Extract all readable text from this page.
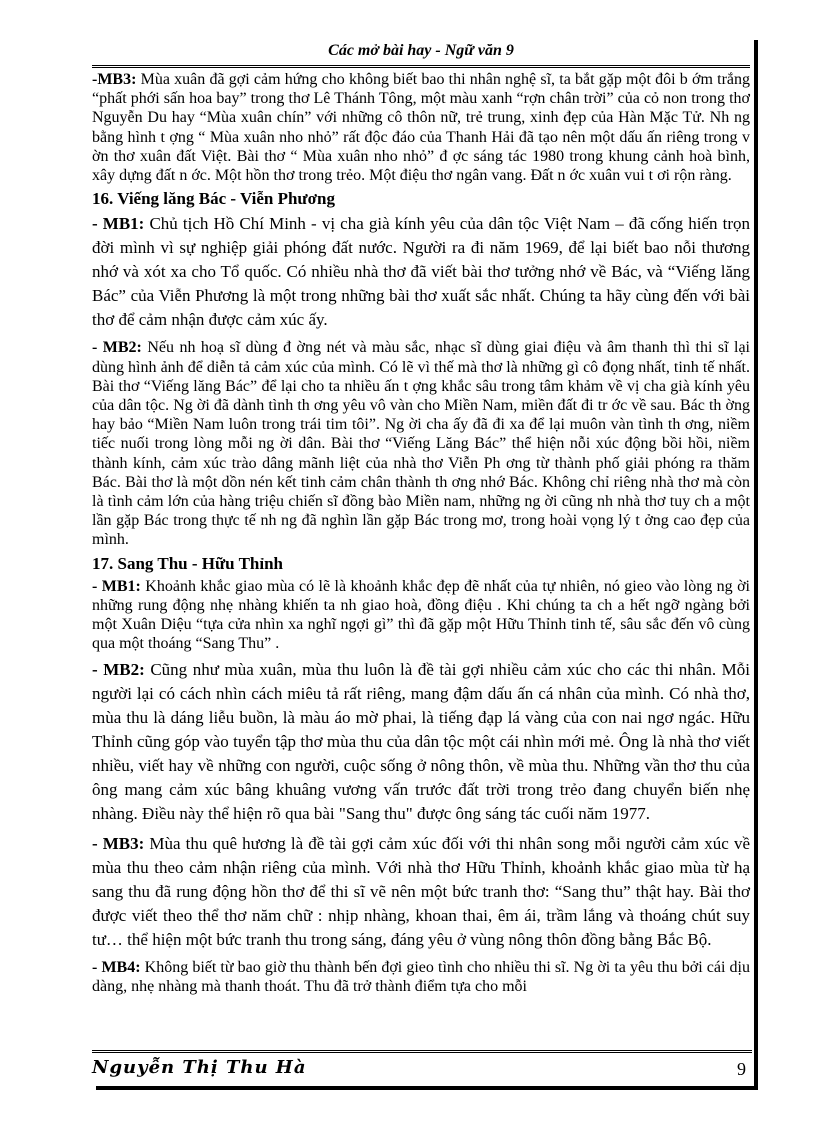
Các mở bài hay - Ngữ văn 9

-MB3: Mùa xuân đã gợi cảm hứng cho không biết bao thi nhân nghệ sĩ, ta bắt gặp một đôi b ớm trắng “phất phới sấn hoa bay” trong thơ Lê Thánh Tông, một màu xanh “rợn chân trời” của cỏ non trong thơ Nguyễn Du hay “Mùa xuân chín” với những cô thôn nữ, trẻ trung, xinh đẹp của Hàn Mặc Tử. Nh ng bằng hình t ợng “ Mùa xuân nho nhỏ” rất độc đáo của Thanh Hải đã tạo nên một dấu ấn riêng trong v ờn thơ xuân đất Việt. Bài thơ “ Mùa xuân nho nhỏ” đ ợc sáng tác 1980 trong khung cảnh hoà bình, xây dựng đất n ớc. Một hồn thơ trong trẻo. Một điệu thơ ngân vang. Đất n ớc xuân vui t ơi rộn ràng.

16. Viếng lăng Bác - Viễn Phương

- MB1: Chủ tịch Hồ Chí Minh - vị cha già kính yêu của dân tộc Việt Nam – đã cống hiến trọn đời mình vì sự nghiệp giải phóng đất nước. Người ra đi năm 1969, để lại biết bao nỗi thương nhớ và xót xa cho Tổ quốc. Có nhiều nhà thơ đã viết bài thơ tưởng nhớ về Bác, và “Viếng lăng Bác” của Viễn Phương là một trong những bài thơ xuất sắc nhất. Chúng ta hãy cùng đến với bài thơ để cảm nhận được cảm xúc ấy.

- MB2: Nếu nh hoạ sĩ dùng đ ờng nét và màu sắc, nhạc sĩ dùng giai điệu và âm thanh thì thi sĩ lại dùng hình ảnh để diễn tả cảm xúc của mình. Có lẽ vì thế mà thơ là những gì cô đọng nhất, tinh tế nhất. Bài thơ “Viếng lăng Bác” để lại cho ta nhiều ấn t ợng khắc sâu trong tâm khảm về vị cha già kính yêu của dân tộc. Ng ời đã dành tình th ơng yêu vô vàn cho Miền Nam, miền đất đi tr ớc về sau. Bác th ờng hay bảo “Miền Nam luôn trong trái tim tôi”. Ng ời cha ấy đã đi xa để lại muôn vàn tình th ơng, niềm tiếc nuối trong lòng mỗi ng ời dân. Bài thơ “Viếng Lăng Bác” thể hiện nỗi xúc động bồi hồi, niềm thành kính, cảm xúc trào dâng mãnh liệt của nhà thơ Viễn Ph ơng từ thành phố giải phóng ra thăm Bác. Bài thơ là một dồn nén kết tinh cảm chân thành th ơng nhớ Bác. Không chỉ riêng nhà thơ mà còn là tình cảm lớn của hàng triệu chiến sĩ đồng bào Miền nam, những ng ời cũng nh nhà thơ tuy ch a một lần gặp Bác trong thực tế nh ng đã nghìn lần gặp Bác trong mơ, trong hoài vọng lý t ởng cao đẹp của mình.

17. Sang Thu - Hữu Thỉnh

- MB1: Khoảnh khắc giao mùa có lẽ là khoảnh khắc đẹp đẽ nhất của tự nhiên, nó gieo vào lòng ng ời những rung động nhẹ nhàng khiến ta nh giao hoà, đồng điệu . Khi chúng ta ch a hết ngỡ ngàng bởi một Xuân Diệu “tựa cửa nhìn xa nghĩ ngợi gì” thì đã gặp một Hữu Thỉnh tinh tế, sâu sắc đến vô cùng qua một thoáng “Sang Thu” .

- MB2: Cũng như mùa xuân, mùa thu luôn là đề tài gợi nhiều cảm xúc cho các thi nhân. Mỗi người lại có cách nhìn cách miêu tả rất riêng, mang đậm dấu ấn cá nhân của mình. Có nhà thơ, mùa thu là dáng liễu buồn, là màu áo mờ phai, là tiếng đạp lá vàng của con nai ngơ ngác. Hữu Thỉnh cũng góp vào tuyển tập thơ mùa thu của dân tộc một cái nhìn mới mẻ. Ông là nhà thơ viết nhiều, viết hay về những con người, cuộc sống ở nông thôn, về mùa thu. Những vần thơ thu của ông mang cảm xúc bâng khuâng vương vấn trước đất trời trong trẻo đang chuyển biến nhẹ nhàng. Điều này thể hiện rõ qua bài "Sang thu" được ông sáng tác cuối năm 1977.

- MB3: Mùa thu quê hương là đề tài gợi cảm xúc đối với thi nhân song mỗi người cảm xúc về mùa thu theo cảm nhận riêng của mình. Với nhà thơ Hữu Thỉnh, khoảnh khắc giao mùa từ hạ sang thu đã rung động hồn thơ để thi sĩ vẽ nên một bức tranh thơ: “Sang thu” thật hay. Bài thơ được viết theo thể thơ năm chữ : nhịp nhàng, khoan thai, êm ái, trầm lắng và thoáng chút suy tư… thể hiện một bức tranh thu trong sáng, đáng yêu ở vùng nông thôn đồng bằng Bắc Bộ.

- MB4: Không biết từ bao giờ thu thành bến đợi gieo tình cho nhiều thi sĩ. Ng ời ta yêu thu bởi cái dịu dàng, nhẹ nhàng mà thanh thoát. Thu đã trở thành điểm tựa cho mỗi

Nguyễn Thị Thu Hà	9
